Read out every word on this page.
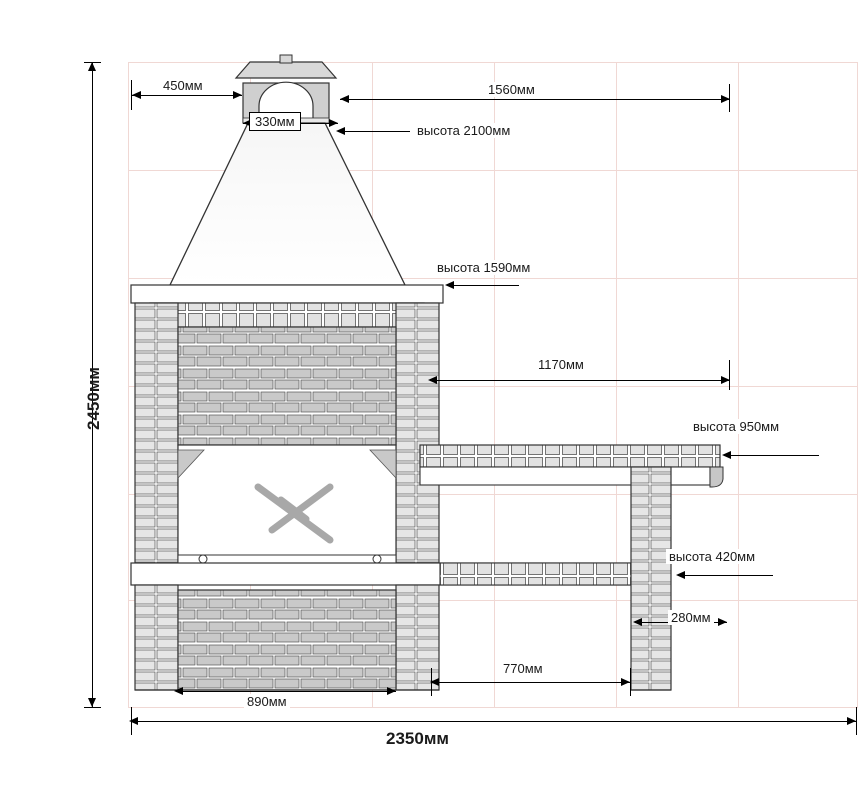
2450мм
450мм
330мм
1560мм
высота 2100мм
высота 1590мм
1170мм
высота 950мм
высота 420мм
280мм
770мм
890мм
2350мм
